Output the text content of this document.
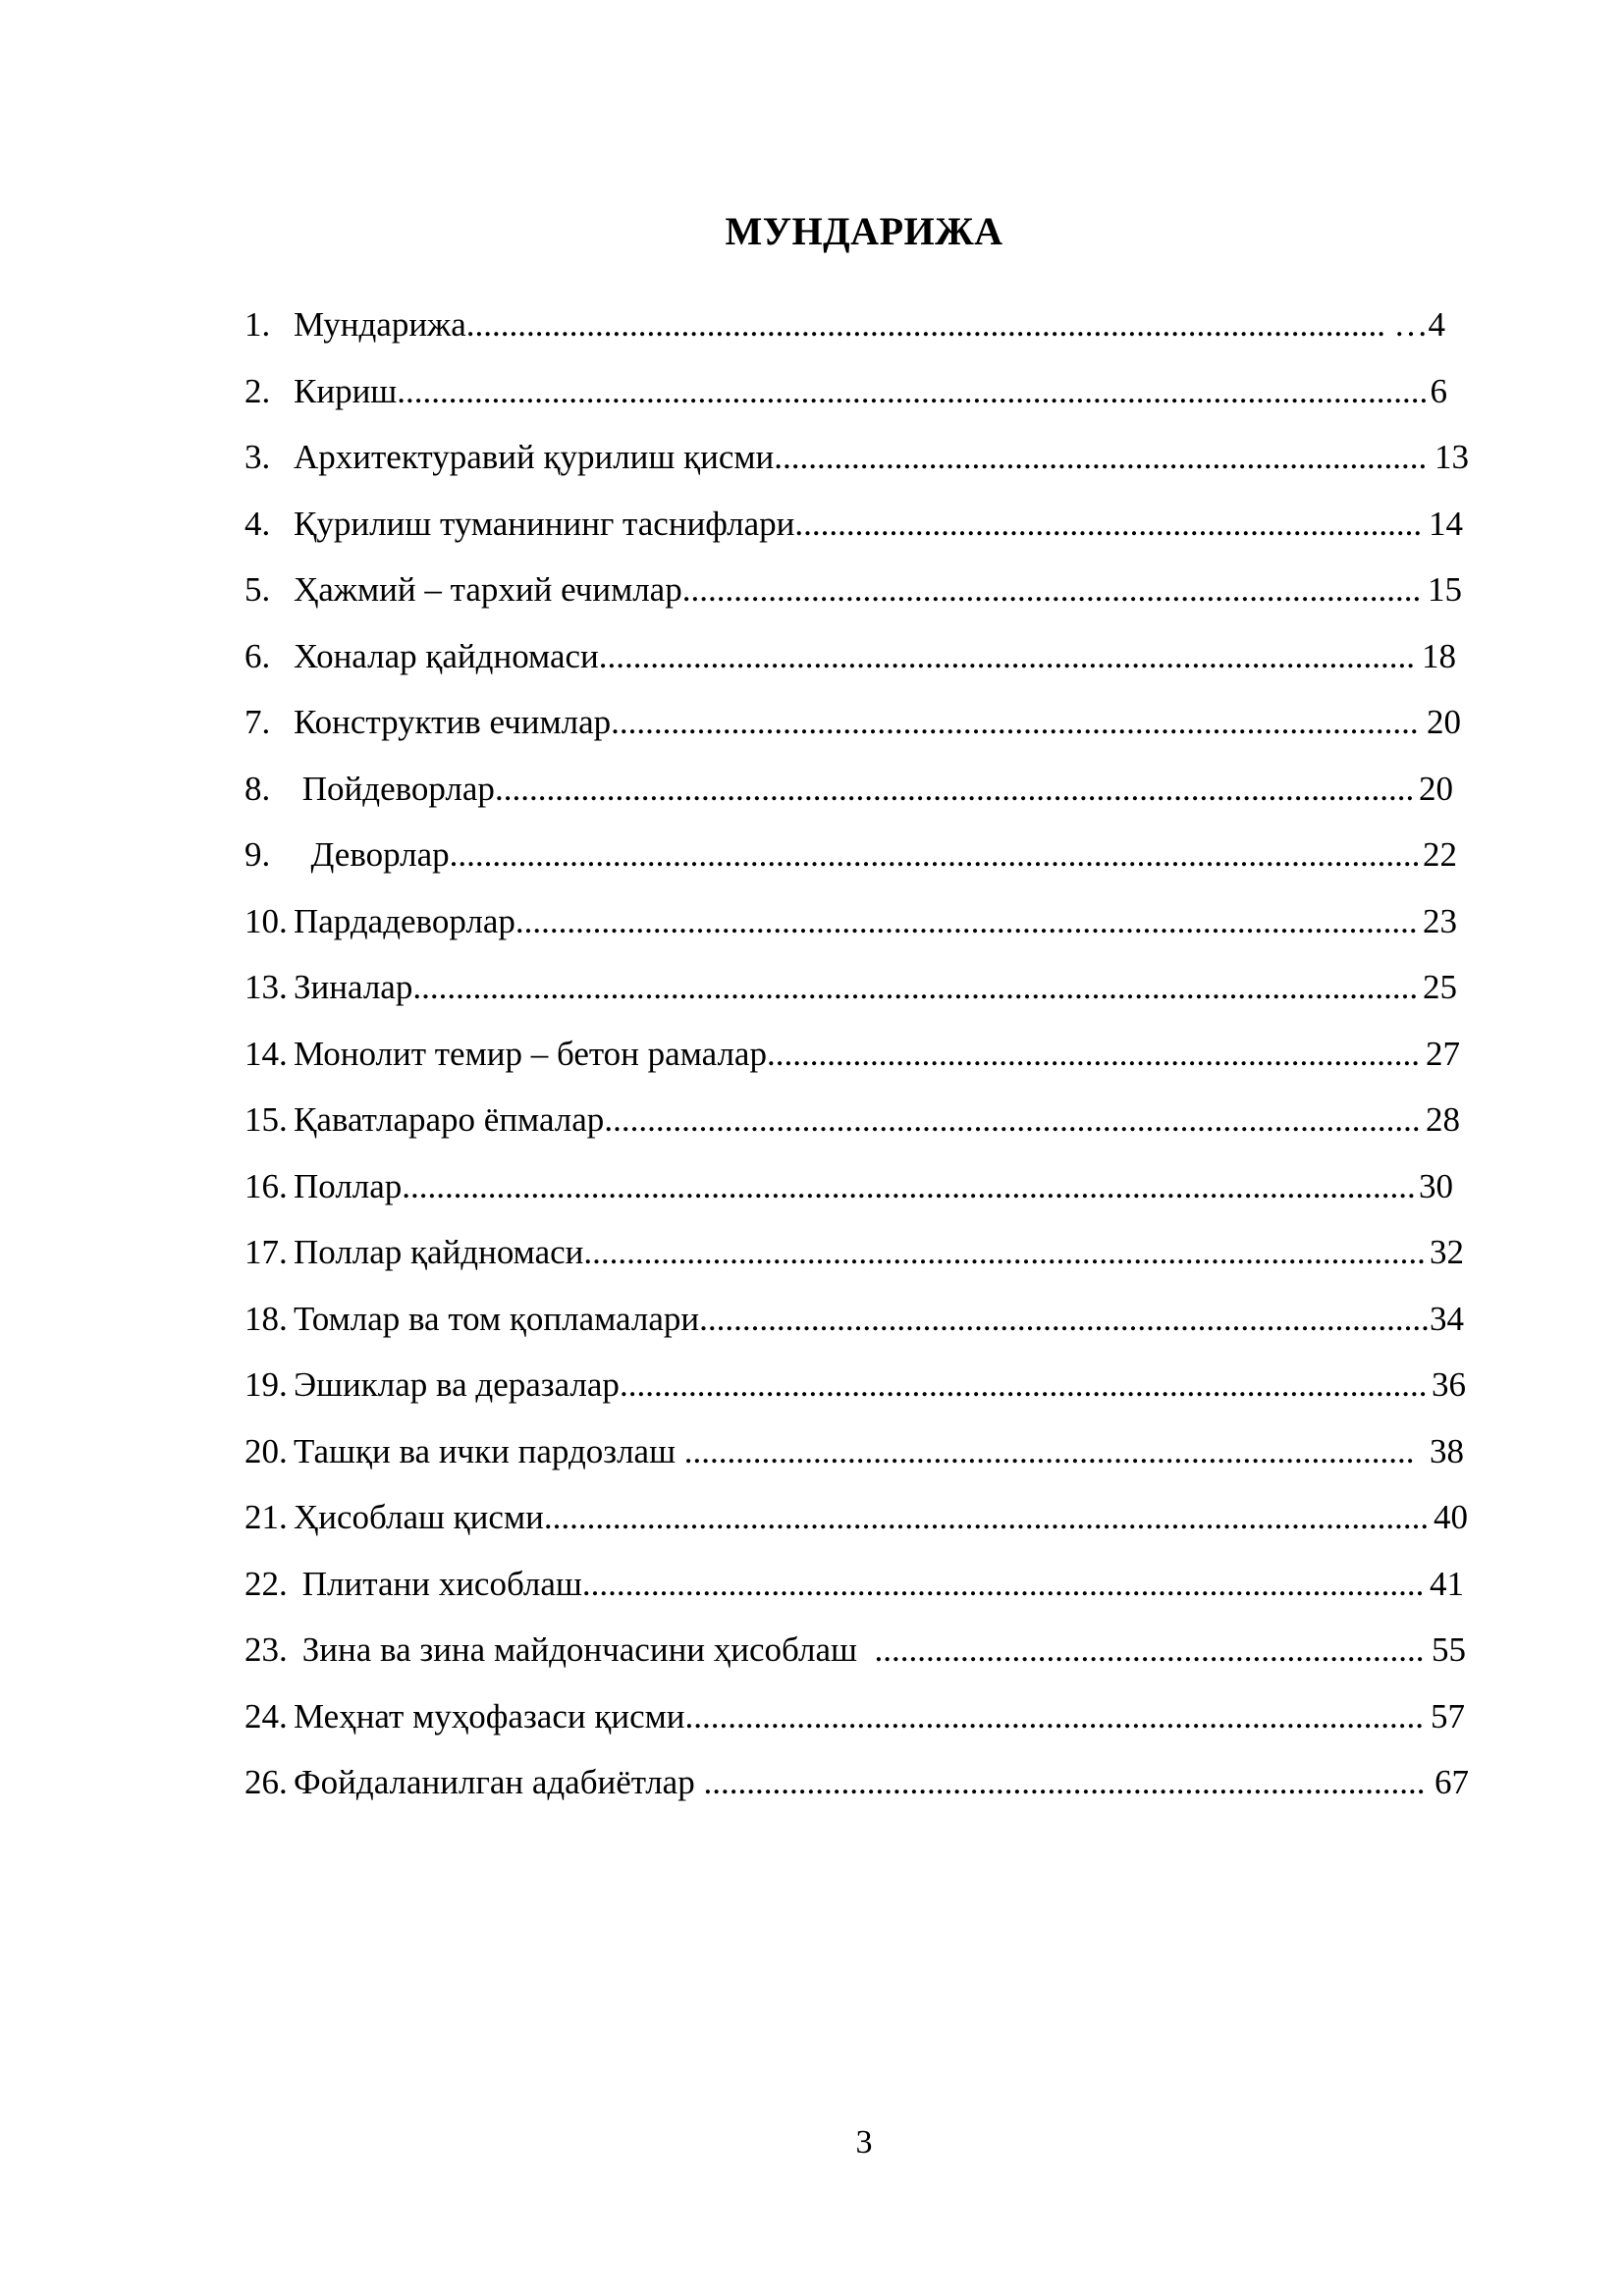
МУНДАРИЖА
1. Мундарижа........................................................................................................... …4
2. Кириш........................................................................................................................ 6
3. Архитектуравий қурилиш қисми............................................................................ 13
4. Қурилиш туманининг таснифлари......................................................................... 14
5. Ҳажмий – тархий ечимлар...................................................................................... 15
6. Хоналар қайдномаси............................................................................................... 18
7. Конструктив ечимлар.............................................................................................. 20
8. Пойдеворлар........................................................................................................... 20
9.  Деворлар................................................................................................................. 22
10. Пардадеворлар......................................................................................................... 23
13. Зиналар..................................................................................................................... 25
14. Монолит темир – бетон рамалар............................................................................ 27
15. Қаватлараро ёпмалар............................................................................................... 28
16. Поллар...................................................................................................................... 30
17. Поллар қайдномаси.................................................................................................. 32
18. Томлар ва том қопламалари..................................................................................... 34
19. Эшиклар ва деразалар.............................................................................................. 36
20. Ташқи ва ички пардозлаш ..................................................................................... 38
21. Ҳисоблаш қисми....................................................................................................... 40
22. Плитани хисоблаш.................................................................................................. 41
23. Зина ва зина майдончасини ҳисоблаш  ................................................................ 55
24. Меҳнат муҳофазаси қисми...................................................................................... 57
26. Фойдаланилган адабиётлар .................................................................................... 67
3
